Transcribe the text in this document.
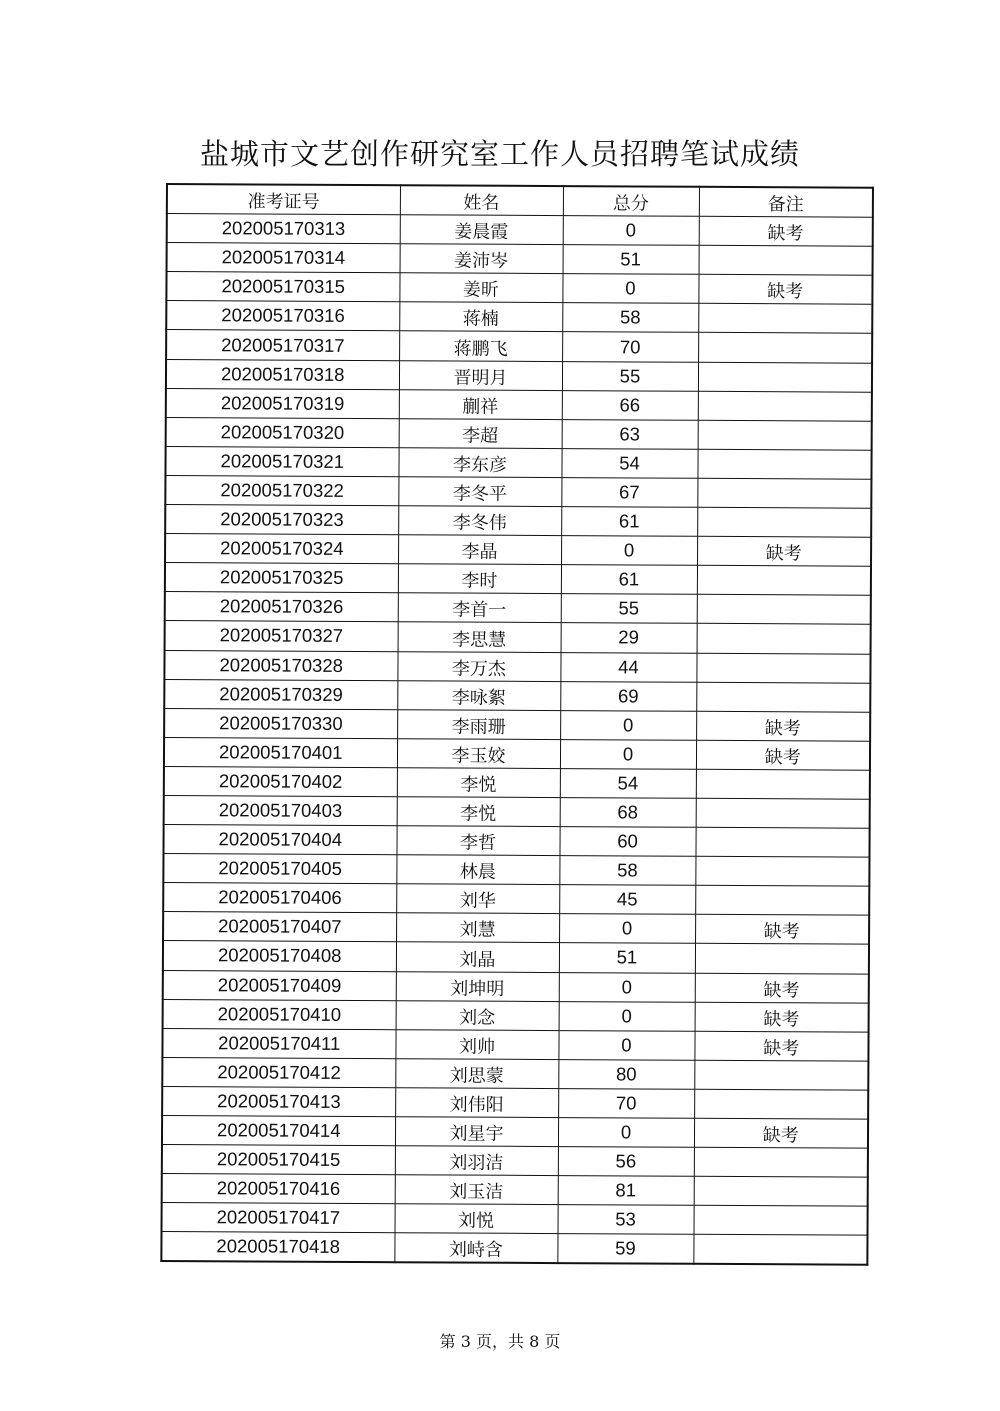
盐城市文艺创作研究室工作人员招聘笔试成绩
准考证号	姓名	总分	备注
202005170313	姜晨霞	0	缺考
202005170314	姜沛岑	51	
202005170315	姜昕	0	缺考
202005170316	蒋楠	58	
202005170317	蒋鹏飞	70	
202005170318	晋明月	55	
202005170319	蒯祥	66	
202005170320	李超	63	
202005170321	李东彦	54	
202005170322	李冬平	67	
202005170323	李冬伟	61	
202005170324	李晶	0	缺考
202005170325	李时	61	
202005170326	李首一	55	
202005170327	李思慧	29	
202005170328	李万杰	44	
202005170329	李咏絮	69	
202005170330	李雨珊	0	缺考
202005170401	李玉姣	0	缺考
202005170402	李悦	54	
202005170403	李悦	68	
202005170404	李哲	60	
202005170405	林晨	58	
202005170406	刘华	45	
202005170407	刘慧	0	缺考
202005170408	刘晶	51	
202005170409	刘坤明	0	缺考
202005170410	刘念	0	缺考
202005170411	刘帅	0	缺考
202005170412	刘思蒙	80	
202005170413	刘伟阳	70	
202005170414	刘星宇	0	缺考
202005170415	刘羽洁	56	
202005170416	刘玉洁	81	
202005170417	刘悦	53	
202005170418	刘峙含	59	
第 3 页，共 8 页
